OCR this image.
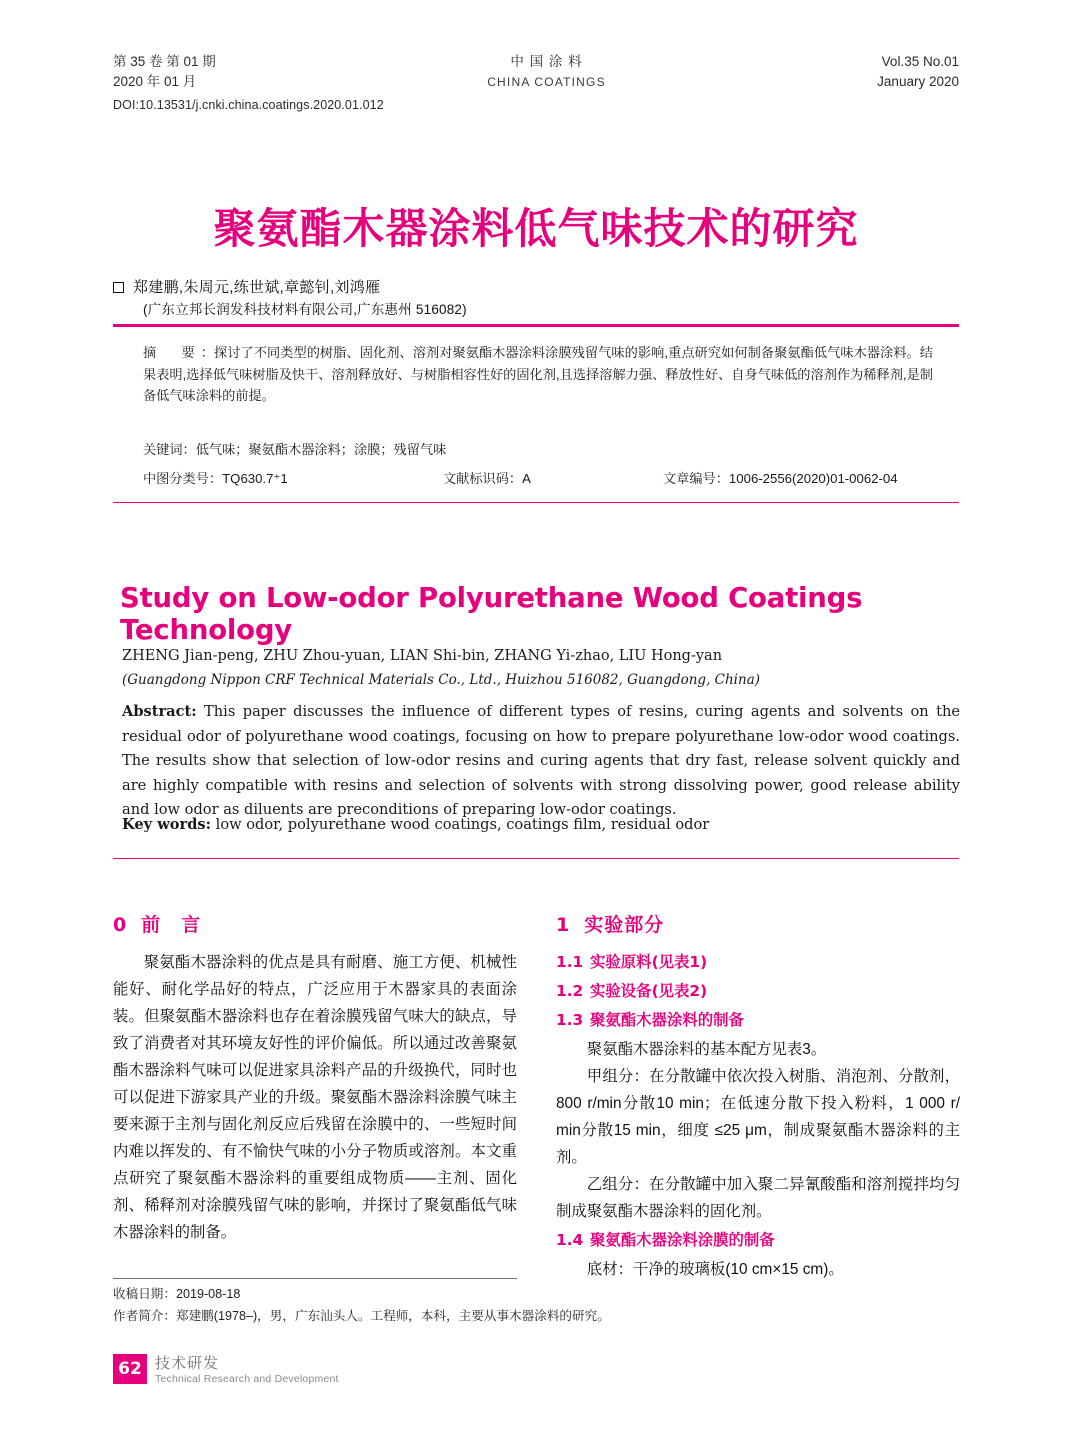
第 35 卷 第 01 期
2020 年 01 月
中 国 涂 料
CHINA COATINGS
Vol.35 No.01
January 2020
DOI:10.13531/j.cnki.china.coatings.2020.01.012
聚氨酯木器涂料低气味技术的研究
郑建鹏,朱周元,练世斌,章懿钊,刘鸿雁
(广东立邦长润发科技材料有限公司,广东惠州 516082)
摘　要：探讨了不同类型的树脂、固化剂、溶剂对聚氨酯木器涂料涂膜残留气味的影响,重点研究如何制备聚氨酯低气味木器涂料。结果表明,选择低气味树脂及快干、溶剂释放好、与树脂相容性好的固化剂,且选择溶解力强、释放性好、自身气味低的溶剂作为稀释剂,是制备低气味涂料的前提。
关键词：低气味；聚氨酯木器涂料；涂膜；残留气味
中图分类号：TQ630.7⁺1	文献标识码：A	文章编号：1006-2556(2020)01-0062-04
Study on Low-odor Polyurethane Wood Coatings Technology
ZHENG Jian-peng, ZHU Zhou-yuan, LIAN Shi-bin, ZHANG Yi-zhao, LIU Hong-yan
(Guangdong Nippon CRF Technical Materials Co., Ltd., Huizhou 516082, Guangdong, China)
Abstract: This paper discusses the influence of different types of resins, curing agents and solvents on the residual odor of polyurethane wood coatings, focusing on how to prepare polyurethane low-odor wood coatings. The results show that selection of low-odor resins and curing agents that dry fast, release solvent quickly and are highly compatible with resins and selection of solvents with strong dissolving power, good release ability and low odor as diluents are preconditions of preparing low-odor coatings.
Key words: low odor, polyurethane wood coatings, coatings film, residual odor
0 前　言

聚氨酯木器涂料的优点是具有耐磨、施工方便、机械性能好、耐化学品好的特点，广泛应用于木器家具的表面涂装。但聚氨酯木器涂料也存在着涂膜残留气味大的缺点，导致了消费者对其环境友好性的评价偏低。所以通过改善聚氨酯木器涂料气味可以促进家具涂料产品的升级换代，同时也可以促进下游家具产业的升级。聚氨酯木器涂料涂膜气味主要来源于主剂与固化剂反应后残留在涂膜中的、一些短时间内难以挥发的、有不愉快气味的小分子物质或溶剂。本文重点研究了聚氨酯木器涂料的重要组成物质——主剂、固化剂、稀释剂对涂膜残留气味的影响，并探讨了聚氨酯低气味木器涂料的制备。

1 实验部分
1.1 实验原料(见表1)
1.2 实验设备(见表2)
1.3 聚氨酯木器涂料的制备

聚氨酯木器涂料的基本配方见表3。

甲组分：在分散罐中依次投入树脂、消泡剂、分散剂，800 r/min分散10 min；在低速分散下投入粉料，1 000 r/ min分散15 min，细度 ≤25 μm，制成聚氨酯木器涂料的主剂。

乙组分：在分散罐中加入聚二异氰酸酯和溶剂搅拌均匀制成聚氨酯木器涂料的固化剂。

1.4 聚氨酯木器涂料涂膜的制备

底材：干净的玻璃板(10 cm×15 cm)。

收稿日期：2019-08-18
作者简介：郑建鹏(1978–)，男，广东汕头人。工程师，本科，主要从事木器涂料的研究。
62 技术研发
Technical Research and Development
